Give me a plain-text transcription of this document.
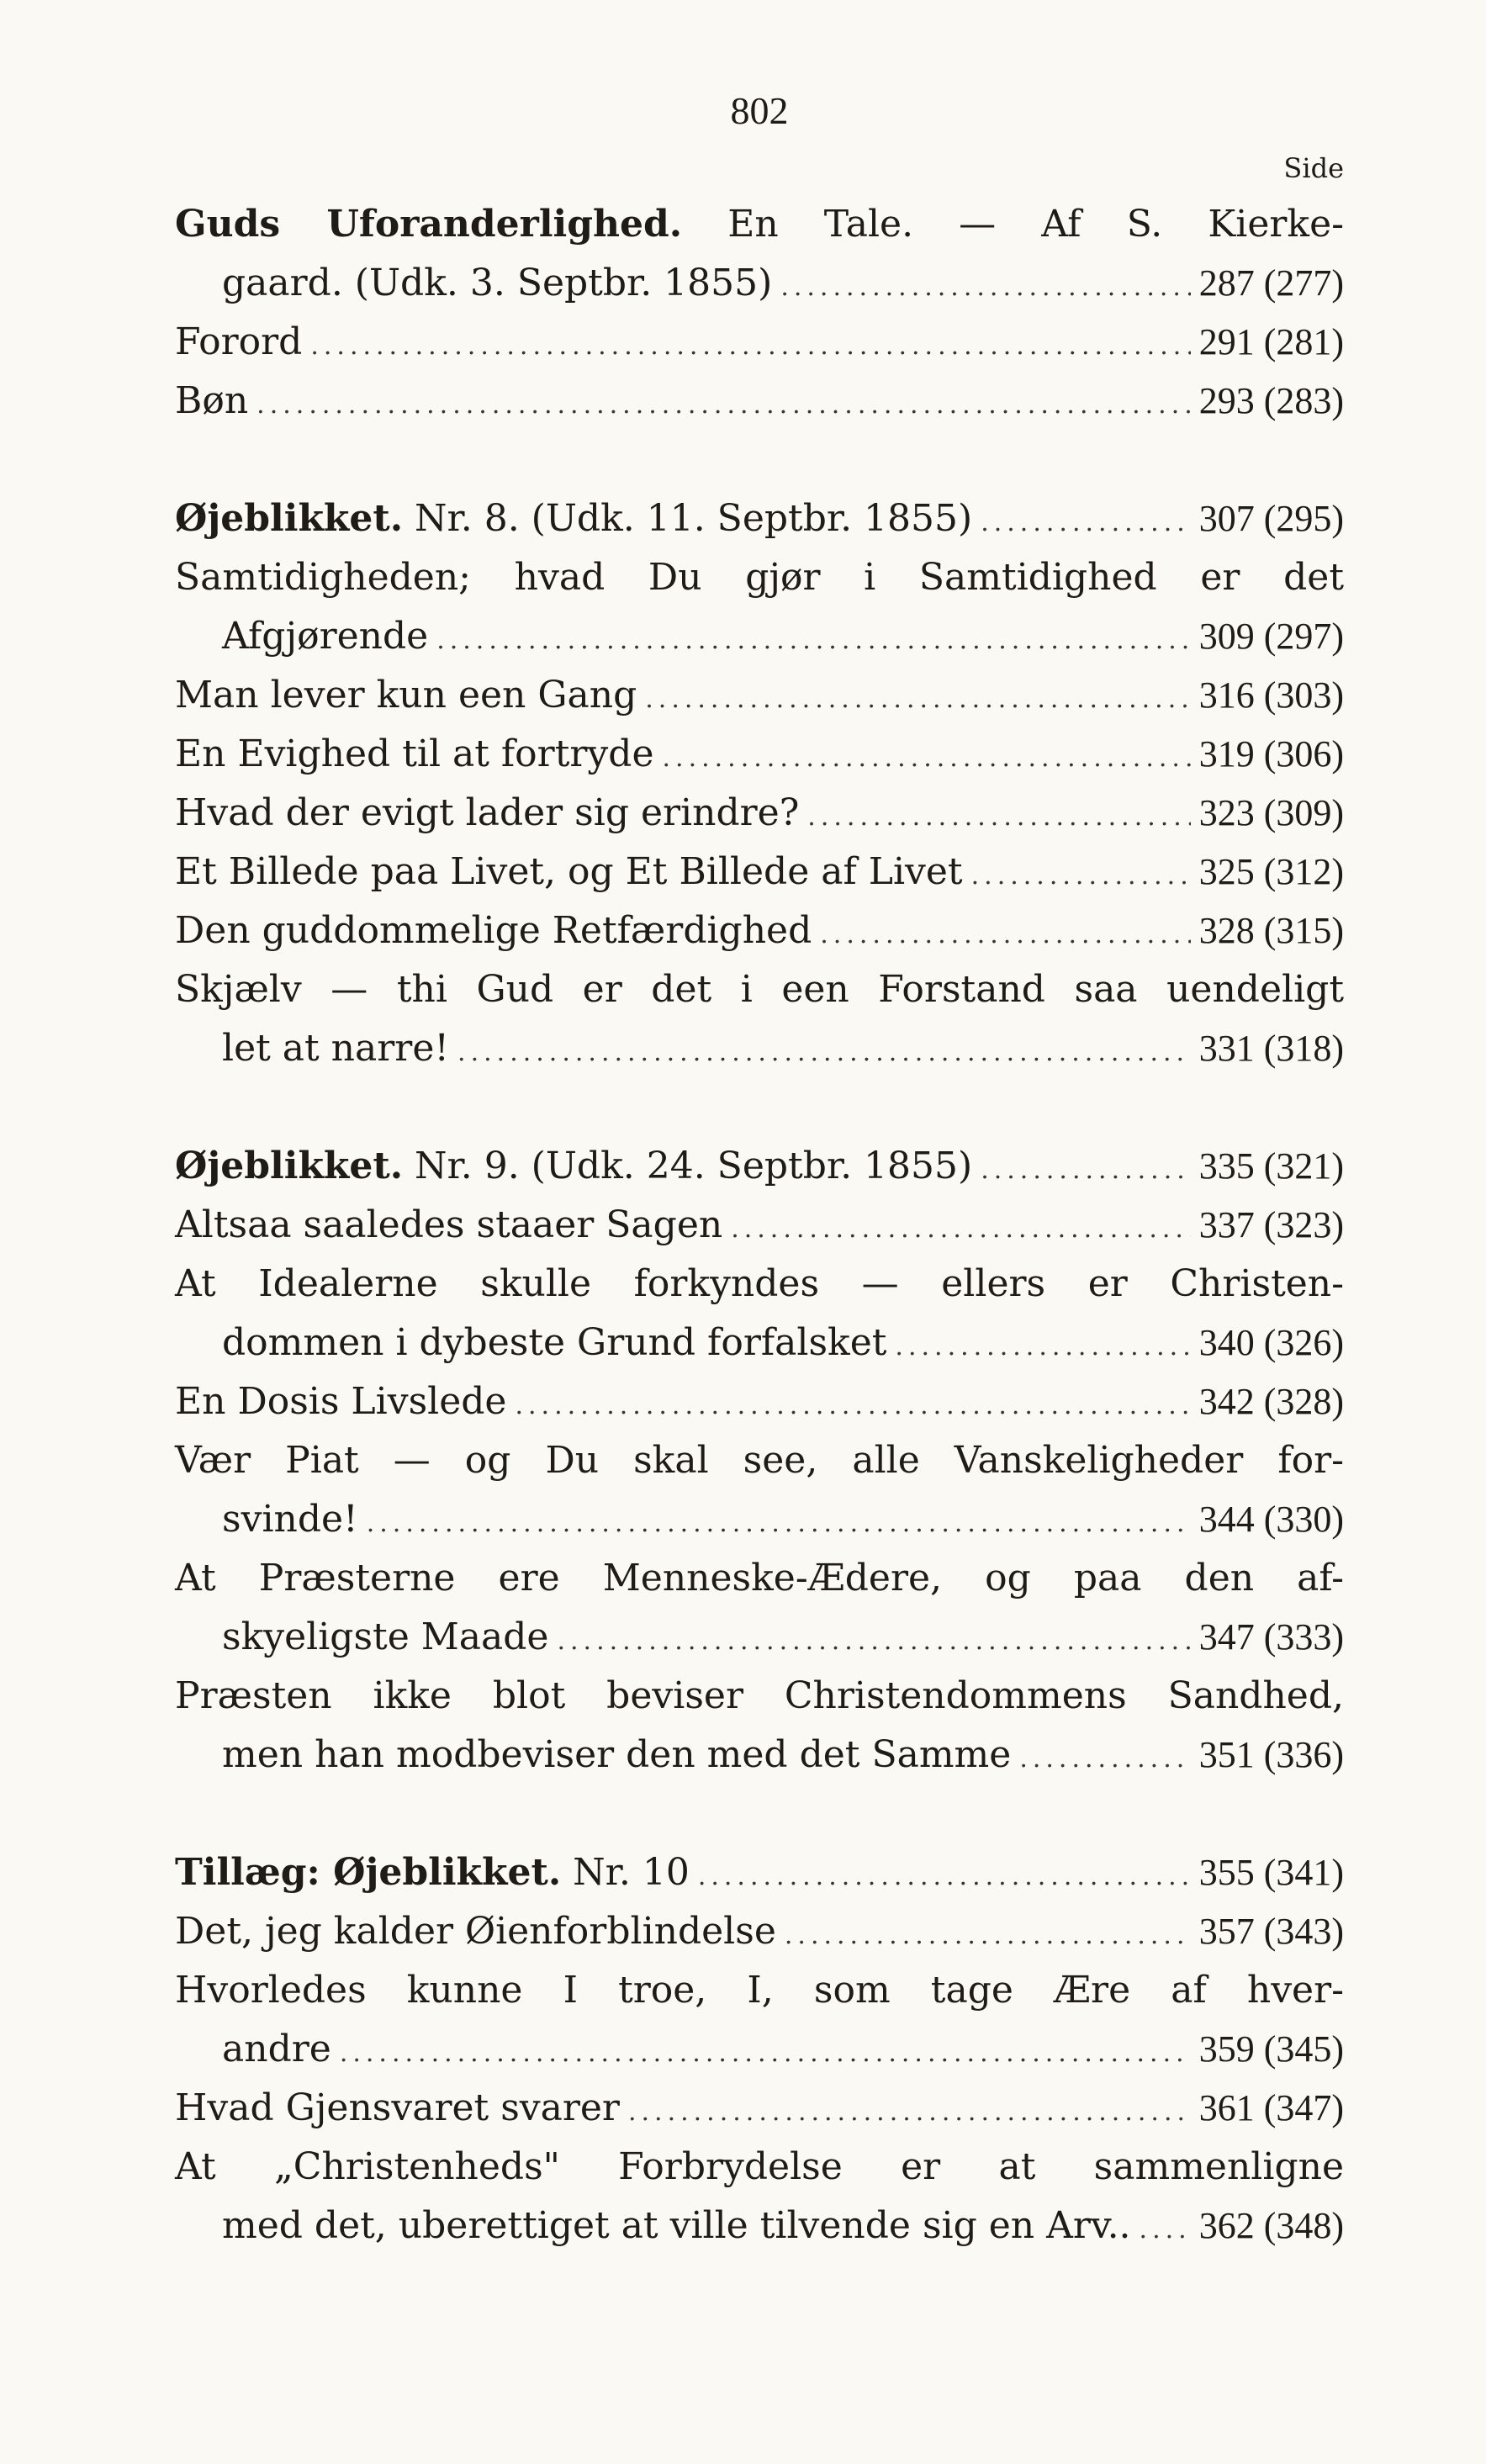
802
Side
Guds Uforanderlighed. En Tale. — Af S. Kierke-
gaard. (Udk. 3. Septbr. 1855) .....	287 (277)
Forord .....	291 (281)
Bøn .....	293 (283)
Øjeblikket. Nr. 8. (Udk. 11. Septbr. 1855) .....	307 (295)
Samtidigheden; hvad Du gjør i Samtidighed er det
Afgjørende .....	309 (297)
Man lever kun een Gang .....	316 (303)
En Evighed til at fortryde .....	319 (306)
Hvad der evigt lader sig erindre? .....	323 (309)
Et Billede paa Livet, og Et Billede af Livet .....	325 (312)
Den guddommelige Retfærdighed .....	328 (315)
Skjælv — thi Gud er det i een Forstand saa uendeligt
let at narre! .....	331 (318)
Øjeblikket. Nr. 9. (Udk. 24. Septbr. 1855) .....	335 (321)
Altsaa saaledes staaer Sagen .....	337 (323)
At Idealerne skulle forkyndes — ellers er Christen-
dommen i dybeste Grund forfalsket .....	340 (326)
En Dosis Livslede .....	342 (328)
Vær Piat — og Du skal see, alle Vanskeligheder for-
svinde! .....	344 (330)
At Præsterne ere Menneske-Ædere, og paa den af-
skyeligste Maade .....	347 (333)
Præsten ikke blot beviser Christendommens Sandhed,
men han modbeviser den med det Samme .....	351 (336)
Tillæg: Øjeblikket. Nr. 10 .....	355 (341)
Det, jeg kalder Øienforblindelse .....	357 (343)
Hvorledes kunne I troe, I, som tage Ære af hver-
andre .....	359 (345)
Hvad Gjensvaret svarer .....	361 (347)
At „Christenheds" Forbrydelse er at sammenligne
med det, uberettiget at ville tilvende sig en Arv.. ..... 362 (348)
